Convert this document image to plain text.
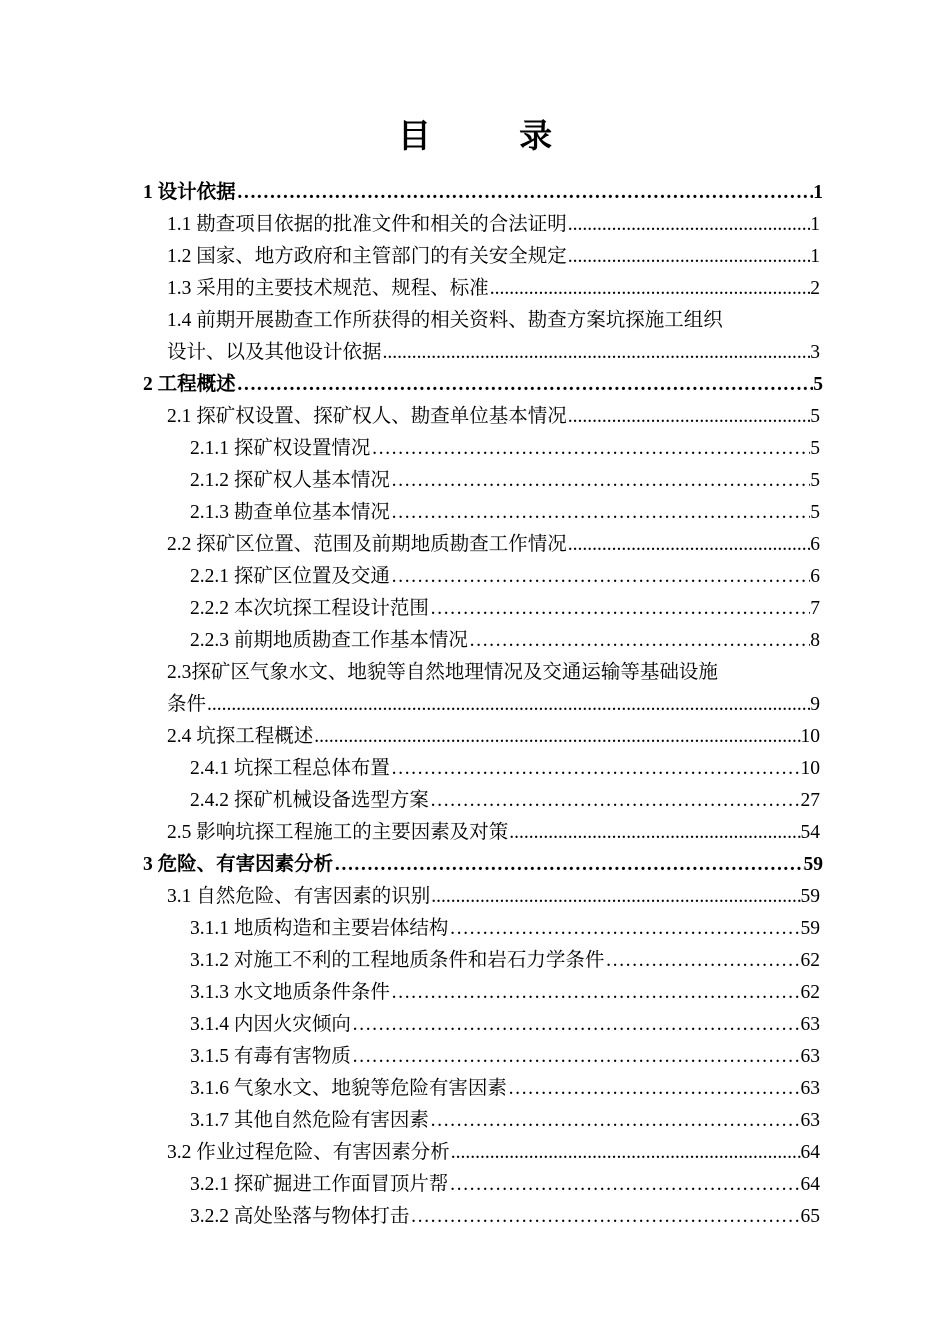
目 录
1 设计依据 ……………………………………………………………………………………………………………………………………………………………………………………………………	1
1.1 勘查项目依据的批准文件和相关的合法证明 .....	1
1.2 国家、地方政府和主管部门的有关安全规定 .....	1
1.3 采用的主要技术规范、规程、标准 .....	2
1.4 前期开展勘查工作所获得的相关资料、勘查方案坑探施工组织
设计、以及其他设计依据 .....	3
2 工程概述 ……………………………………………………………………………………………………………………………………………………………………………………………………	5
2.1 探矿权设置、探矿权人、勘查单位基本情况 .....	5
2.1.1 探矿权设置情况 ……………………………………………………………………………………………………………………………………………………………………………………………………	5
2.1.2 探矿权人基本情况 ……………………………………………………………………………………………………………………………………………………………………………………………………	5
2.1.3 勘查单位基本情况 ……………………………………………………………………………………………………………………………………………………………………………………………………	5
2.2 探矿区位置、范围及前期地质勘查工作情况 .....	6
2.2.1 探矿区位置及交通 ……………………………………………………………………………………………………………………………………………………………………………………………………	6
2.2.2 本次坑探工程设计范围 ……………………………………………………………………………………………………………………………………………………………………………………………………	7
2.2.3 前期地质勘查工作基本情况 ……………………………………………………………………………………………………………………………………………………………………………………………………	8
2.3探矿区气象水文、地貌等自然地理情况及交通运输等基础设施
条件 .....	9
2.4 坑探工程概述 .....	10
2.4.1 坑探工程总体布置 ……………………………………………………………………………………………………………………………………………………………………………………………………	10
2.4.2 探矿机械设备选型方案 ……………………………………………………………………………………………………………………………………………………………………………………………………	27
2.5 影响坑探工程施工的主要因素及对策 .....	54
3 危险、有害因素分析 ……………………………………………………………………………………………………………………………………………………………………………………………………	59
3.1 自然危险、有害因素的识别 .....	59
3.1.1 地质构造和主要岩体结构 ……………………………………………………………………………………………………………………………………………………………………………………………………	59
3.1.2 对施工不利的工程地质条件和岩石力学条件 ……………………………………………………………………………………………………………………………………………………………………………………………………	62
3.1.3 水文地质条件条件 ……………………………………………………………………………………………………………………………………………………………………………………………………	62
3.1.4 内因火灾倾向 ……………………………………………………………………………………………………………………………………………………………………………………………………	63
3.1.5 有毒有害物质 ……………………………………………………………………………………………………………………………………………………………………………………………………	63
3.1.6 气象水文、地貌等危险有害因素 ……………………………………………………………………………………………………………………………………………………………………………………………………	63
3.1.7 其他自然危险有害因素 ……………………………………………………………………………………………………………………………………………………………………………………………………	63
3.2 作业过程危险、有害因素分析 .....	64
3.2.1 探矿掘进工作面冒顶片帮 ……………………………………………………………………………………………………………………………………………………………………………………………………	64
3.2.2 高处坠落与物体打击 ……………………………………………………………………………………………………………………………………………………………………………………………………	65
